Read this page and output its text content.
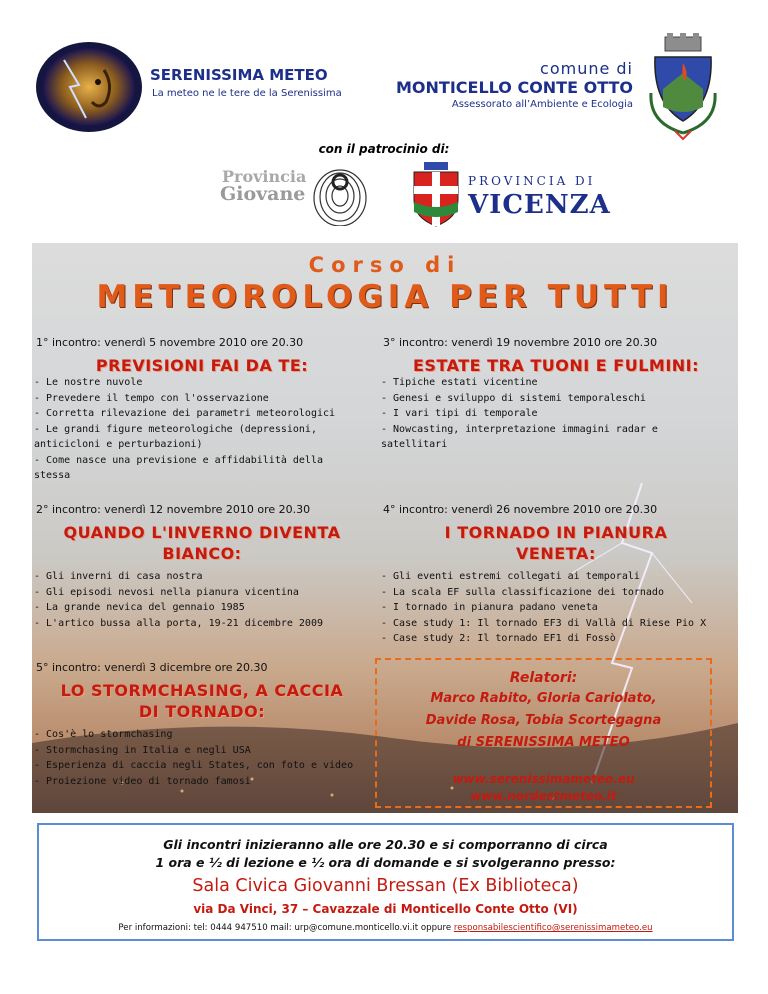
SERENISSIMA METEO
La meteo ne le tere de la Serenissima
comune di
MONTICELLO CONTE OTTO
Assessorato all’Ambiente e Ecologia
con il patrocinio di:
Provincia
Giovane
PROVINCIA DI
VICENZA
Corso di
METEOROLOGIA PER TUTTI
1° incontro: venerdì 5 novembre 2010 ore 20.30
PREVISIONI FAI DA TE:
- Le nostre nuvole
- Prevedere il tempo con l'osservazione
- Corretta rilevazione dei parametri meteorologici
- Le grandi figure meteorologiche (depressioni,
anticicloni e perturbazioni)
- Come nasce una previsione e affidabilità della
stessa
3° incontro: venerdì 19 novembre 2010 ore 20.30
ESTATE TRA TUONI E FULMINI:
- Tipiche estati vicentine
- Genesi e sviluppo di sistemi temporaleschi
- I vari tipi di temporale
- Nowcasting, interpretazione immagini radar e
satellitari
2° incontro: venerdì 12 novembre 2010 ore 20.30
QUANDO L'INVERNO DIVENTA
BIANCO:
- Gli inverni di casa nostra
- Gli episodi nevosi nella pianura vicentina
- La grande nevica del gennaio 1985
- L'artico bussa alla porta, 19-21 dicembre 2009
4° incontro: venerdì 26 novembre 2010 ore 20.30
I TORNADO IN PIANURA
VENETA:
- Gli eventi estremi collegati ai temporali
- La scala EF sulla classificazione dei tornado
- I tornado in pianura padano veneta
- Case study 1: Il tornado EF3 di Vallà di Riese Pio X
- Case study 2: Il tornado EF1 di Fossò
5° incontro: venerdì 3 dicembre ore 20.30
LO STORMCHASING, A CACCIA
DI TORNADO:
- Cos'è lo stormchasing
- Stormchasing in Italia e negli USA
- Esperienza di caccia negli States, con foto e video
- Proiezione video di tornado famosi
Relatori:
Marco Rabito, Gloria Cariolato,
Davide Rosa, Tobia Scortegagna
di SERENISSIMA METEO
www.serenissimameteo.eu
www.nordestmeteo.it
Gli incontri inizieranno alle ore 20.30 e si comporranno di circa
1 ora e ½ di lezione e ½ ora di domande e si svolgeranno presso:
Sala Civica Giovanni Bressan (Ex Biblioteca)
via Da Vinci, 37 – Cavazzale di Monticello Conte Otto (VI)
Per informazioni: tel: 0444 947510 mail: urp@comune.monticello.vi.it oppure responsabilescientifico@serenissimameteo.eu
